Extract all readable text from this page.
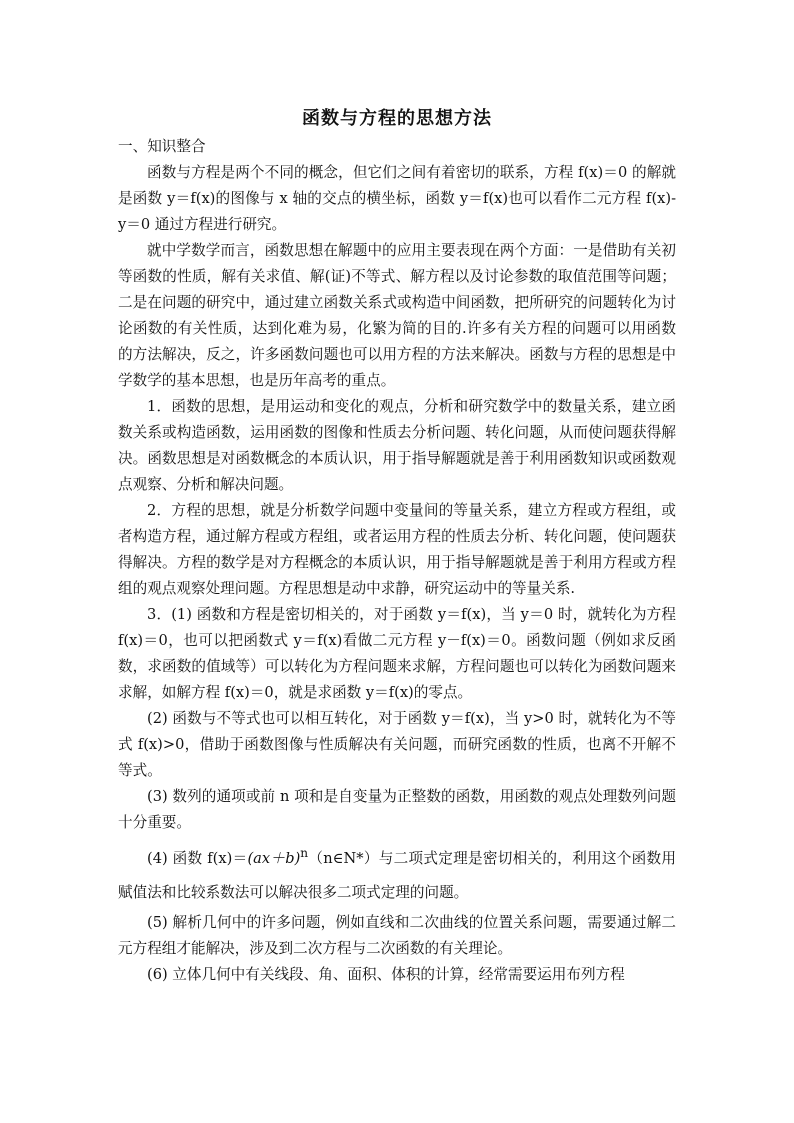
函数与方程的思想方法
一、知识整合

函数与方程是两个不同的概念，但它们之间有着密切的联系，方程 f(x)＝0 的解就是函数 y＝f(x)的图像与 x 轴的交点的横坐标，函数 y＝f(x)也可以看作二元方程 f(x)-y＝0 通过方程进行研究。

就中学数学而言，函数思想在解题中的应用主要表现在两个方面：一是借助有关初等函数的性质，解有关求值、解(证)不等式、解方程以及讨论参数的取值范围等问题；二是在问题的研究中，通过建立函数关系式或构造中间函数，把所研究的问题转化为讨论函数的有关性质，达到化难为易，化繁为简的目的.许多有关方程的问题可以用函数的方法解决，反之，许多函数问题也可以用方程的方法来解决。函数与方程的思想是中学数学的基本思想，也是历年高考的重点。

1．函数的思想，是用运动和变化的观点，分析和研究数学中的数量关系，建立函数关系或构造函数，运用函数的图像和性质去分析问题、转化问题，从而使问题获得解决。函数思想是对函数概念的本质认识，用于指导解题就是善于利用函数知识或函数观点观察、分析和解决问题。

2．方程的思想，就是分析数学问题中变量间的等量关系，建立方程或方程组，或者构造方程，通过解方程或方程组，或者运用方程的性质去分析、转化问题，使问题获得解决。方程的数学是对方程概念的本质认识，用于指导解题就是善于利用方程或方程组的观点观察处理问题。方程思想是动中求静，研究运动中的等量关系.

3．(1) 函数和方程是密切相关的，对于函数 y＝f(x)，当 y＝0 时，就转化为方程 f(x)＝0，也可以把函数式 y＝f(x)看做二元方程 y－f(x)＝0。函数问题（例如求反函数，求函数的值域等）可以转化为方程问题来求解，方程问题也可以转化为函数问题来求解，如解方程 f(x)＝0，就是求函数 y＝f(x)的零点。

(2) 函数与不等式也可以相互转化，对于函数 y＝f(x)，当 y>0 时，就转化为不等式 f(x)>0，借助于函数图像与性质解决有关问题，而研究函数的性质，也离不开解不等式。

(3) 数列的通项或前 n 项和是自变量为正整数的函数，用函数的观点处理数列问题十分重要。

(4) 函数 $f(x)=(ax+b)^n(n\in N*)$与二项式定理是密切相关的，利用这个函数用赋值法和比较系数法可以解决很多二项式定理的问题。

(5) 解析几何中的许多问题，例如直线和二次曲线的位置关系问题，需要通过解二元方程组才能解决，涉及到二次方程与二次函数的有关理论。

(6) 立体几何中有关线段、角、面积、体积的计算，经常需要运用布列方程
